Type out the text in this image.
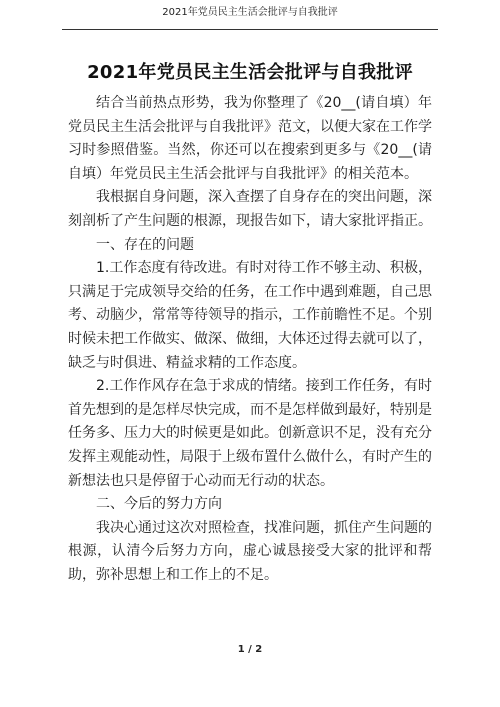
2021年党员民主生活会批评与自我批评
2021年党员民主生活会批评与自我批评

结合当前热点形势，我为你整理了《20__(请自填）年党员民主生活会批评与自我批评》范文，以便大家在工作学习时参照借鉴。当然，你还可以在搜索到更多与《20__(请自填）年党员民主生活会批评与自我批评》的相关范本。

我根据自身问题，深入查摆了自身存在的突出问题，深刻剖析了产生问题的根源，现报告如下，请大家批评指正。

一、存在的问题

1.工作态度有待改进。有时对待工作不够主动、积极，只满足于完成领导交给的任务，在工作中遇到难题，自己思考、动脑少，常常等待领导的指示，工作前瞻性不足。个别时候未把工作做实、做深、做细，大体还过得去就可以了，缺乏与时俱进、精益求精的工作态度。

2.工作作风存在急于求成的情绪。接到工作任务，有时首先想到的是怎样尽快完成，而不是怎样做到最好，特别是任务多、压力大的时候更是如此。创新意识不足，没有充分发挥主观能动性，局限于上级布置什么做什么，有时产生的新想法也只是停留于心动而无行动的状态。

二、今后的努力方向

我决心通过这次对照检查，找准问题，抓住产生问题的根源，认清今后努力方向，虚心诚恳接受大家的批评和帮助，弥补思想上和工作上的不足。

1 / 2
